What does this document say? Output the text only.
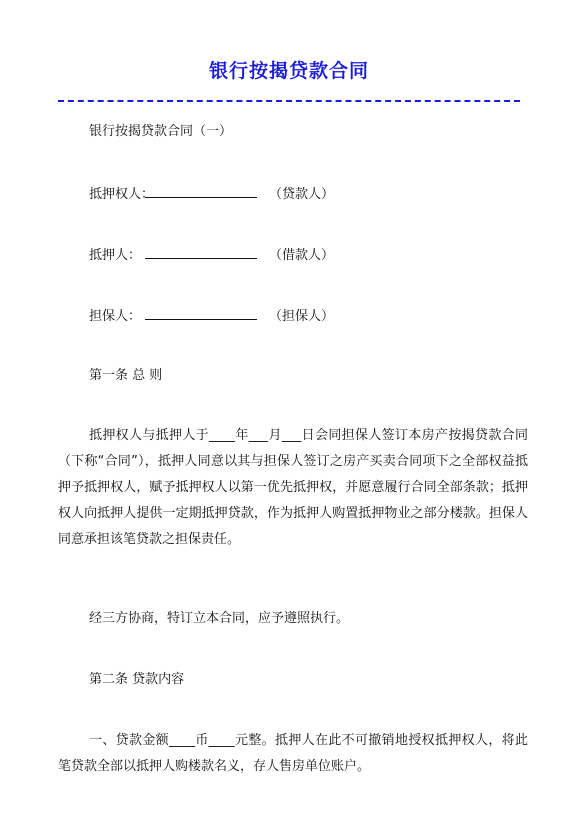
银行按揭贷款合同
银行按揭贷款合同（一）
抵押权人：	（贷款人）
抵押人：	（借款人）
担保人：	（担保人）
第一条 总 则
抵押权人与抵押人于____年___月___日会同担保人签订本房产按揭贷款合同（下称“合同”），抵押人同意以其与担保人签订之房产买卖合同项下之全部权益抵押予抵押权人，赋予抵押权人以第一优先抵押权，并愿意履行合同全部条款；抵押权人向抵押人提供一定期抵押贷款，作为抵押人购置抵押物业之部分楼款。担保人同意承担该笔贷款之担保责任。
经三方协商，特订立本合同，应予遵照执行。
第二条 贷款内容
一、贷款金额____币____元整。抵押人在此不可撤销地授权抵押权人，将此笔贷款全部以抵押人购楼款名义，存人售房单位账户。
